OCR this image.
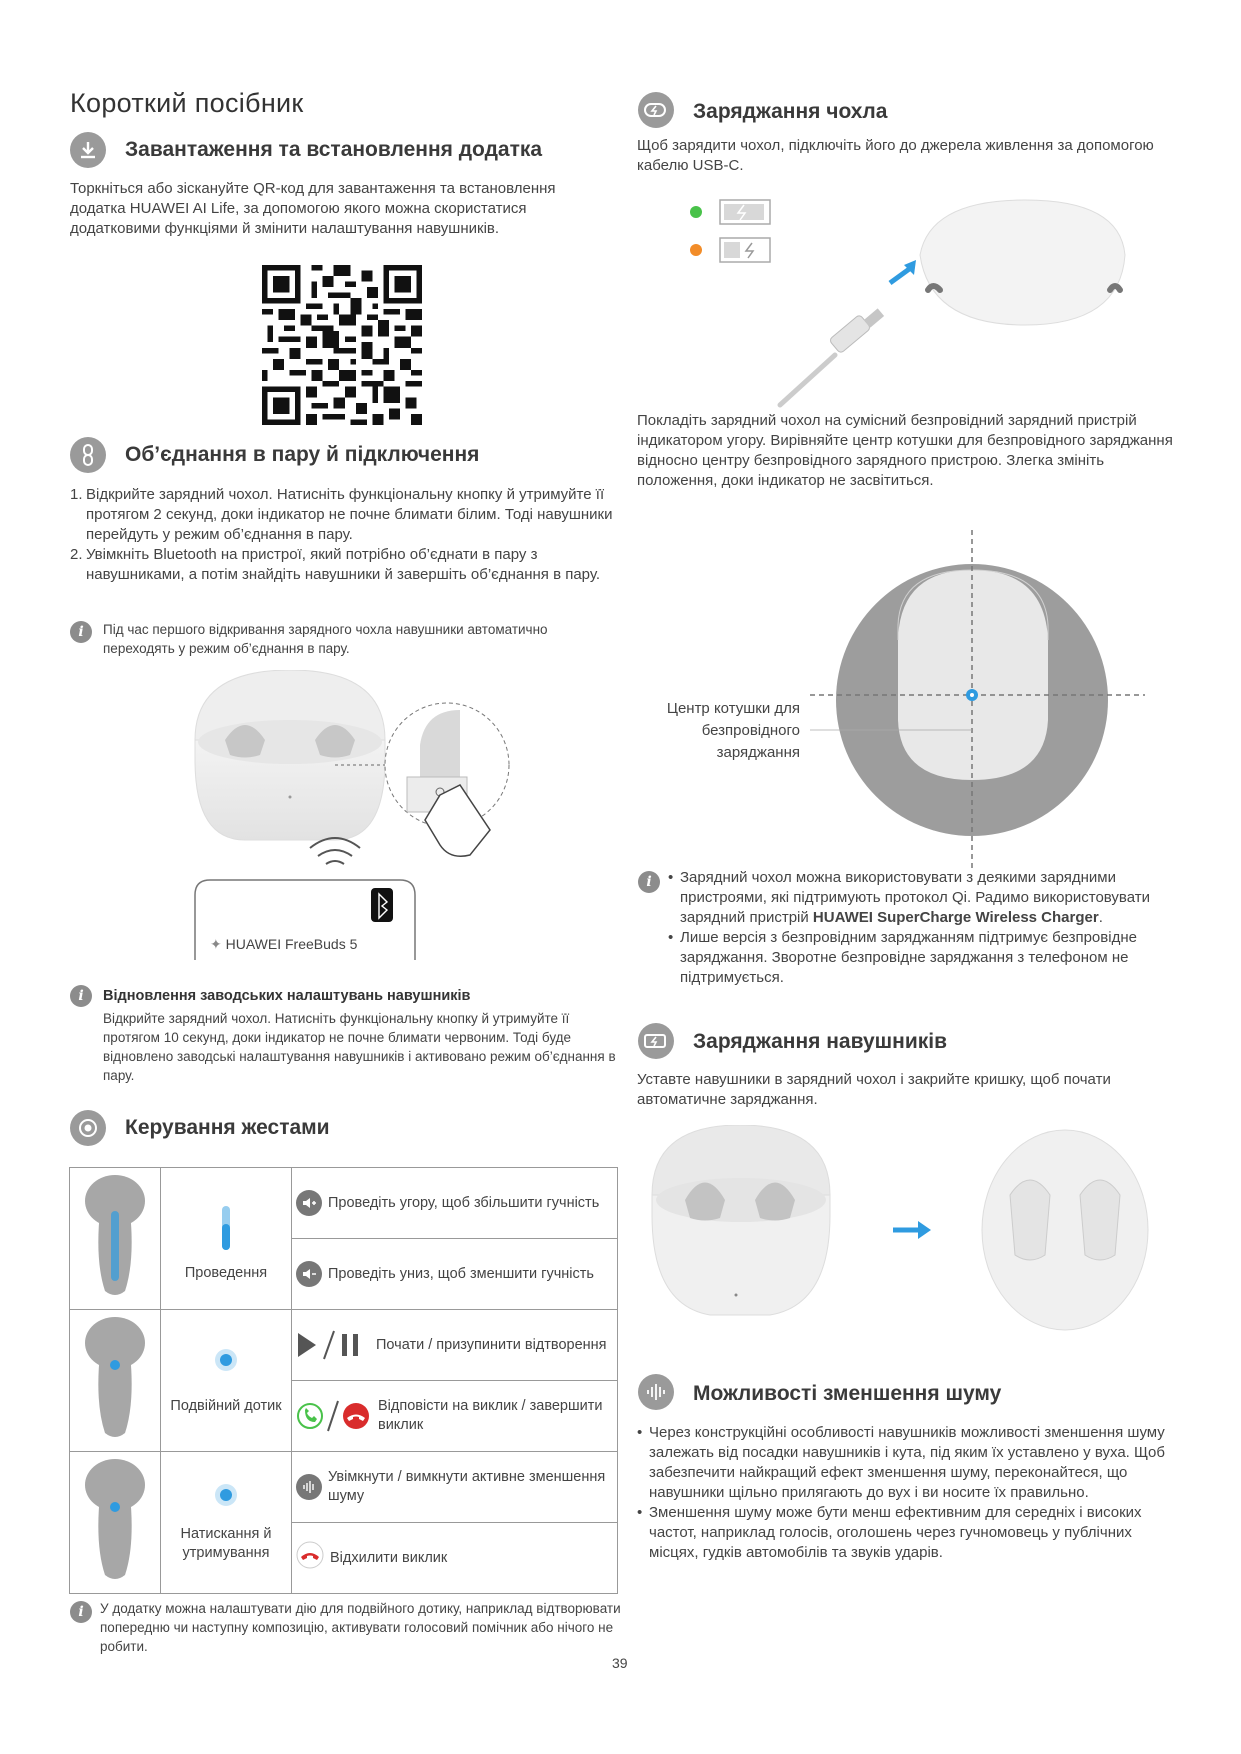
Короткий посібник
Завантаження та встановлення додатка
Торкніться або зіскануйте QR-код для завантаження та встановлення додатка HUAWEI AI Life, за допомогою якого можна скористатися додатковими функціями й змінити налаштування навушників.
Об’єднання в пару й підключення
1. Відкрийте зарядний чохол. Натисніть функціональну кнопку й утримуйте її протягом 2 секунд, доки індикатор не почне блимати білим. Тоді навушники перейдуть у режим об’єднання в пару.
2. Увімкніть Bluetooth на пристрої, який потрібно об’єднати в пару з навушниками, а потім знайдіть навушники й завершіть об’єднання в пару.
i	Під час першого відкривання зарядного чохла навушники автоматично переходять у режим об’єднання в пару.
✦ HUAWEI FreeBuds 5
i	Відновлення заводських налаштувань навушників
Відкрийте зарядний чохол. Натисніть функціональну кнопку й утримуйте її протягом 10 секунд, доки індикатор не почне блимати червоним. Тоді буде відновлено заводські налаштування навушників і активовано режим об’єднання в пару.
Керування жестами

Проведення	Проведіть угору, щоб збільшити гучність

		Проведіть униз, щоб зменшити гучність

Подвійний дотик	Почати / призупинити відтворення

		Відповісти на виклик / завершити виклик

Натискання й утримування	Увімкнути / вимкнути активне зменшення шуму

		Відхилити виклик
i	У додатку можна налаштувати дію для подвійного дотику, наприклад відтворювати попередню чи наступну композицію, активувати голосовий помічник або нічого не робити.
Заряджання чохла
Щоб зарядити чохол, підключіть його до джерела живлення за допомогою кабелю USB-C.
Покладіть зарядний чохол на сумісний безпровідний зарядний пристрій індикатором угору. Вирівняйте центр котушки для безпровідного заряджання відносно центру безпровідного зарядного пристрою. Злегка змініть положення, доки індикатор не засвітиться.
Центр котушки для
безпровідного
заряджання
i	• Зарядний чохол можна використовувати з деякими зарядними пристроями, які підтримують протокол Qi. Радимо використовувати зарядний пристрій HUAWEI SuperCharge Wireless Charger.
• Лише версія з безпровідним заряджанням підтримує безпровідне заряджання. Зворотне безпровідне заряджання з телефоном не підтримується.
Заряджання навушників
Уставте навушники в зарядний чохол і закрийте кришку, щоб почати автоматичне заряджання.
Можливості зменшення шуму
• Через конструкційні особливості навушників можливості зменшення шуму залежать від посадки навушників і кута, під яким їх уставлено у вуха. Щоб забезпечити найкращий ефект зменшення шуму, переконайтеся, що навушники щільно прилягають до вух і ви носите їх правильно.
• Зменшення шуму може бути менш ефективним для середніх і високих частот, наприклад голосів, оголошень через гучномовець у публічних місцях, гудків автомобілів та звуків ударів.
39
